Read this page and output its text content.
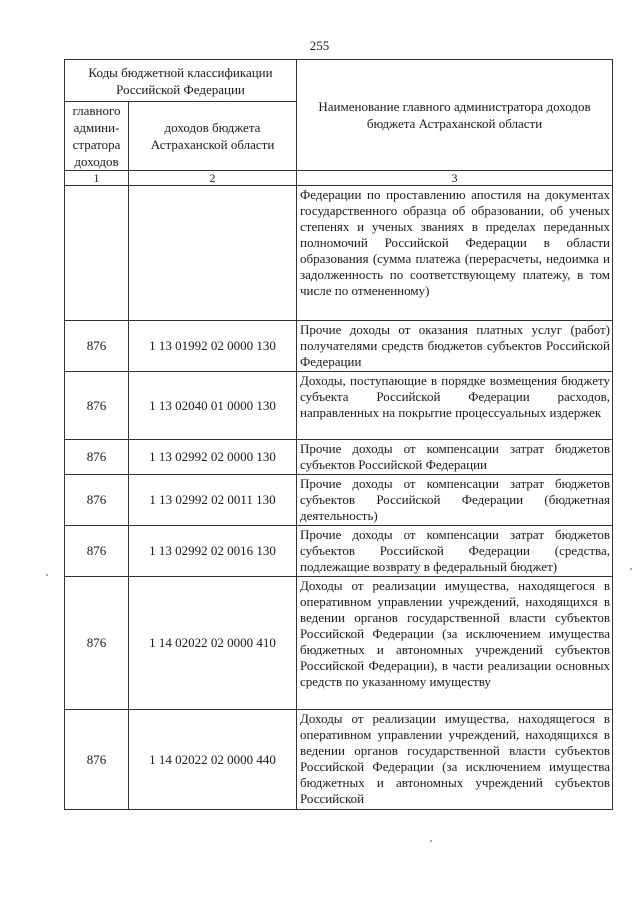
255
Коды бюджетной классификации Российской Федерации		Наименование главного администратора доходов бюджета Астраханской области
главного админи-стратора доходов	доходов бюджета Астраханской области	
1	2	3

		Федерации по проставлению апостиля на документах государственного образца об образовании, об ученых степенях и ученых званиях в пределах переданных полномочий Российской Федерации в области образования (сумма платежа (перерасчеты, недоимка и задолженность по соответствующему платежу, в том числе по отмененному)

876	1 13 01992 02 0000 130	Прочие доходы от оказания платных услуг (работ) получателями средств бюджетов субъектов Российской Федерации

876	1 13 02040 01 0000 130	Доходы, поступающие в порядке возмещения бюджету субъекта Российской Федерации расходов, направленных на покрытие процессуальных издержек

876	1 13 02992 02 0000 130	Прочие доходы от компенсации затрат бюджетов субъектов Российской Федерации

876	1 13 02992 02 0011 130	Прочие доходы от компенсации затрат бюджетов субъектов Российской Федерации (бюджетная деятельность)

876	1 13 02992 02 0016 130	Прочие доходы от компенсации затрат бюджетов субъектов Российской Федерации (средства, подлежащие возврату в федеральный бюджет)

876	1 14 02022 02 0000 410	Доходы от реализации имущества, находящегося в оперативном управлении учреждений, находящихся в ведении органов государственной власти субъектов Российской Федерации (за исключением имущества бюджетных и автономных учреждений субъектов Российской Федерации), в части реализации основных средств по указанному имуществу

876	1 14 02022 02 0000 440	Доходы от реализации имущества, находящегося в оперативном управлении учреждений, находящихся в ведении органов государственной власти субъектов Российской Федерации (за исключением имущества бюджетных и автономных учреждений субъектов Российской
